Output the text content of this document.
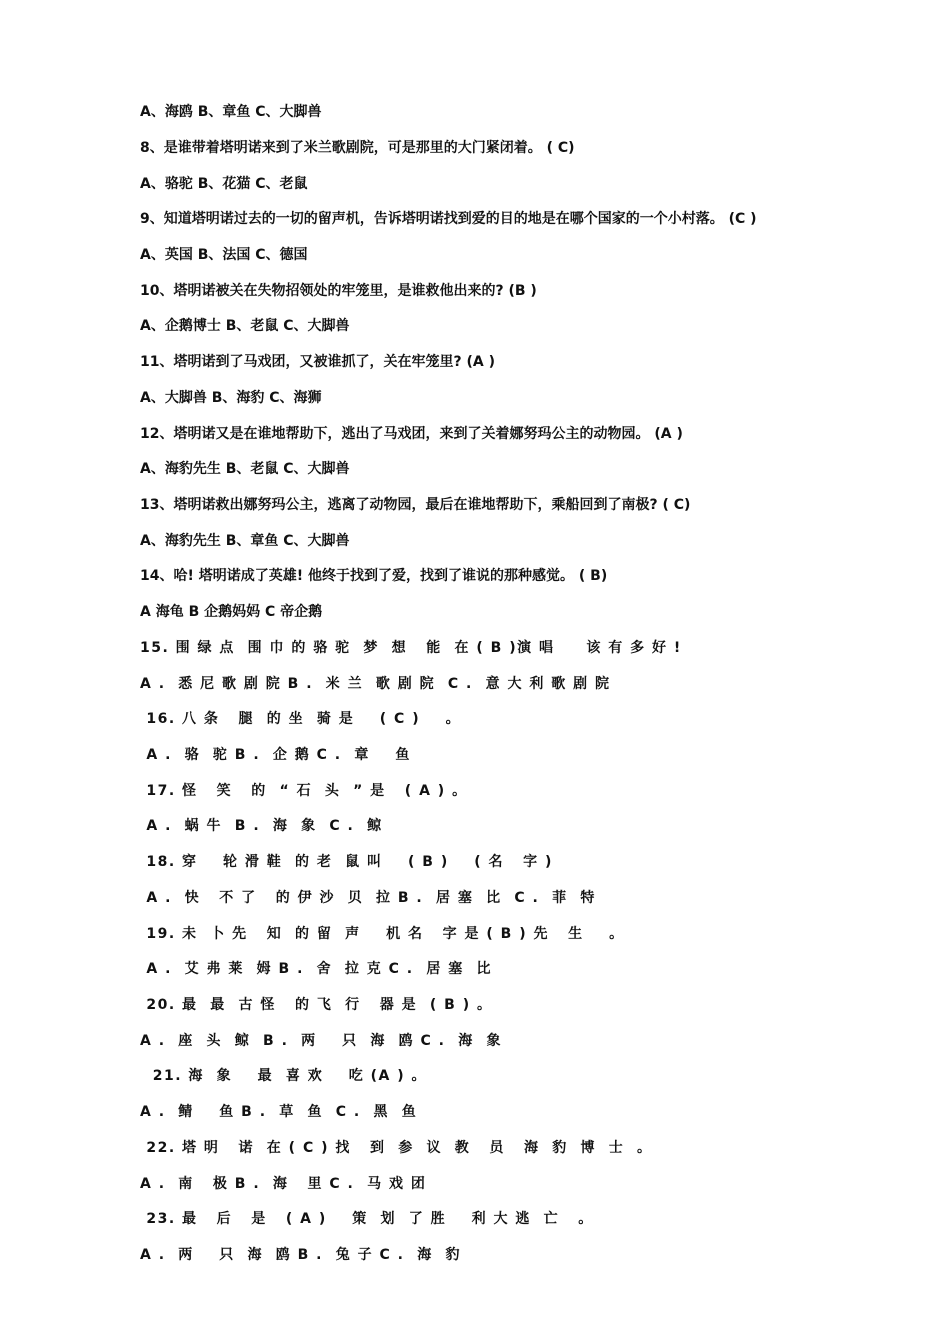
A、海鸥 B、章鱼 C、大脚兽
8、是谁带着塔明诺来到了米兰歌剧院，可是那里的大门紧闭着。 ( C)
A、骆驼 B、花猫 C、老鼠
9、知道塔明诺过去的一切的留声机，告诉塔明诺找到爱的目的地是在哪个国家的一个小村落。 (C )
A、英国 B、法国 C、德国
10、塔明诺被关在失物招领处的牢笼里，是谁救他出来的? (B )
A、企鹅博士 B、老鼠 C、大脚兽
11、塔明诺到了马戏团，又被谁抓了，关在牢笼里? (A )
A、大脚兽 B、海豹 C、海狮
12、塔明诺又是在谁地帮助下，逃出了马戏团，来到了关着娜努玛公主的动物园。 (A )
A、海豹先生 B、老鼠 C、大脚兽
13、塔明诺救出娜努玛公主，逃离了动物园，最后在谁地帮助下，乘船回到了南极? ( C)
A、海豹先生 B、章鱼 C、大脚兽
14、哈! 塔明诺成了英雄! 他终于找到了爱，找到了谁说的那种感觉。 ( B)
A 海龟 B 企鹅妈妈 C 帝企鹅
15. 围 绿 点  围 巾 的 骆 驼  梦  想   能  在 ( B )演 唱     该 有 多 好 !
A .  悉 尼 歌 剧 院 B .  米 兰  歌 剧 院  C .  意 大 利 歌 剧 院
16. 八 条   腿  的 坐  骑 是    ( C )    。
A .  骆  驼 B .  企 鹅 C .  章    鱼
17. 怪   笑   的  “ 石  头  ” 是   ( A ) 。
A .  蜗 牛  B .  海  象  C .  鲸
18. 穿    轮 滑 鞋  的 老  鼠 叫    ( B )    ( 名   字 )
A .  快   不 了   的 伊 沙  贝  拉 B .  居 塞  比  C .  菲  特
19. 未  卜 先   知  的 留  声    机 名   字 是 ( B ) 先   生    。
A .  艾 弗 莱  姆 B .  舍  拉 克 C .  居 塞  比
20. 最  最  古 怪   的 飞  行   器 是  ( B ) 。
A .  座  头  鲸  B .  两    只  海  鸥 C .  海  象
21. 海  象    最  喜 欢    吃 (A ) 。
A .  鲭    鱼 B .  草  鱼  C .  黑  鱼
22. 塔 明   诺  在 ( C ) 找   到  参  议  教   员   海  豹  博  士  。
A .  南   极 B .  海   里 C .  马 戏 团
23. 最   后   是   ( A )    策  划  了 胜    利 大 逃  亡   。
A .  两    只  海  鸥 B .  兔 子 C .  海  豹
